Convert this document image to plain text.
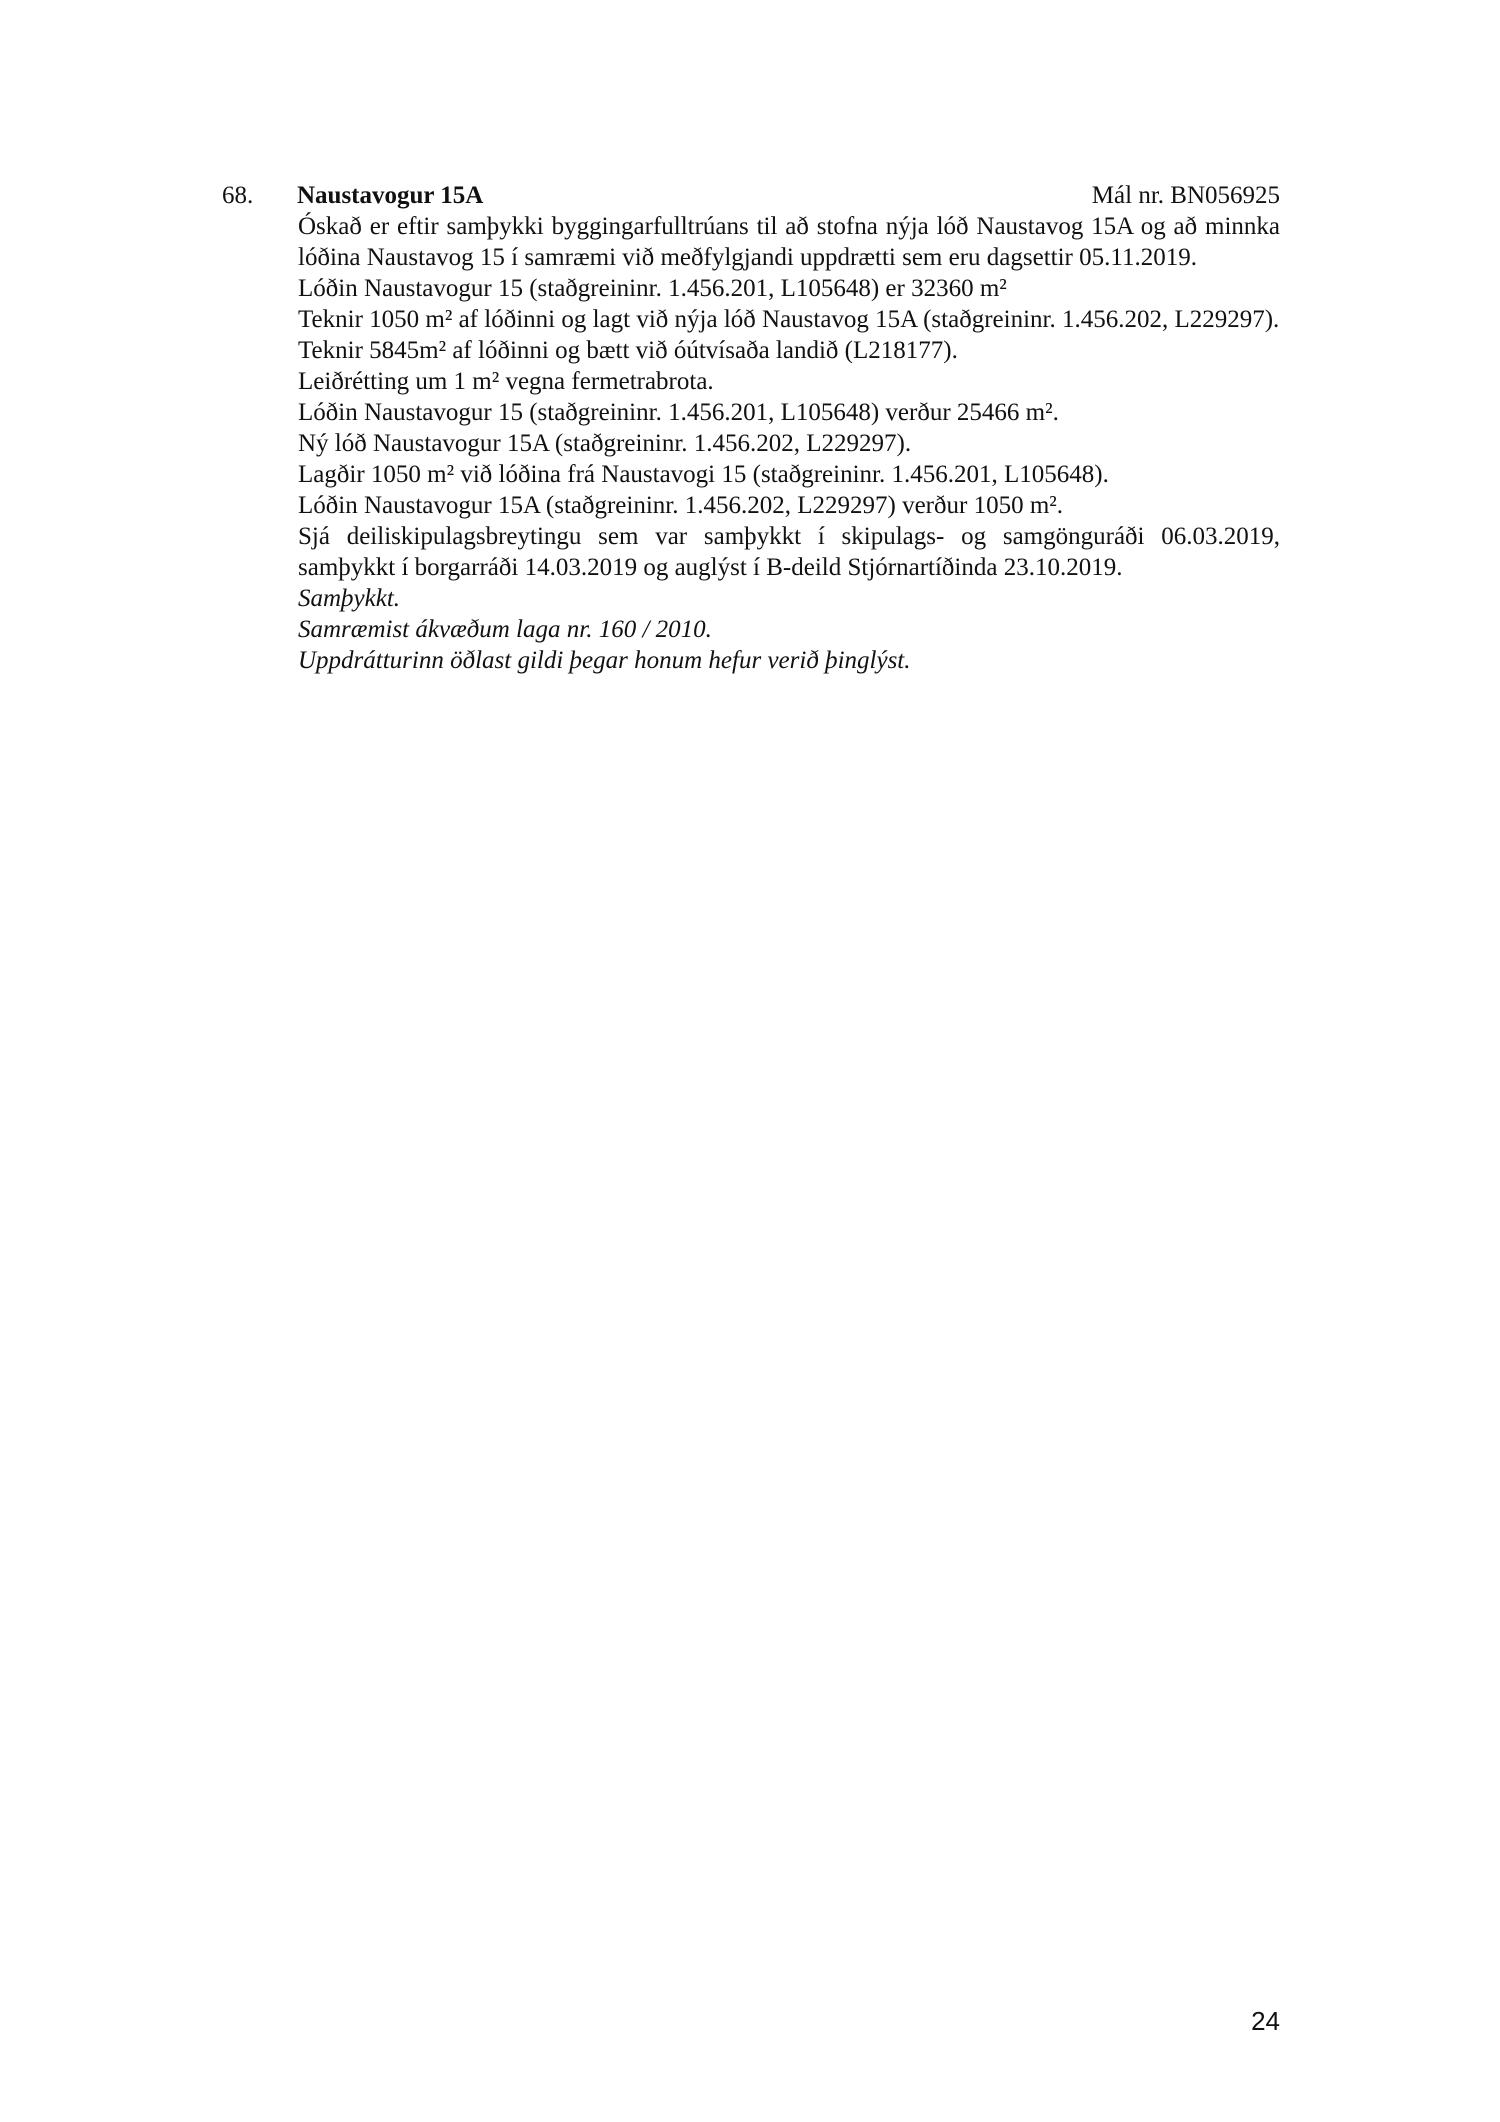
68. Naustavogur 15A	Mál nr. BN056925

Óskað er eftir samþykki byggingarfulltrúans til að stofna nýja lóð Naustavog 15A og að minnka lóðina Naustavog 15 í samræmi við meðfylgjandi uppdrætti sem eru dagsettir 05.11.2019.

Lóðin Naustavogur 15 (staðgreininr. 1.456.201, L105648) er 32360 m²

Teknir 1050 m² af lóðinni og lagt við nýja lóð Naustavog 15A (staðgreininr. 1.456.202, L229297).

Teknir 5845m² af lóðinni og bætt við óútvísaða landið (L218177).

Leiðrétting um 1 m² vegna fermetrabrota.

Lóðin Naustavogur 15 (staðgreininr. 1.456.201, L105648) verður 25466 m².

Ný lóð Naustavogur 15A (staðgreininr. 1.456.202, L229297).

Lagðir 1050 m² við lóðina frá Naustavogi 15 (staðgreininr. 1.456.201, L105648).

Lóðin Naustavogur 15A (staðgreininr. 1.456.202, L229297) verður 1050 m².

Sjá deiliskipulagsbreytingu sem var samþykkt í skipulags- og samgönguráði 06.03.2019, samþykkt í borgarráði 14.03.2019 og auglýst í B-deild Stjórnartíðinda 23.10.2019.

Samþykkt.

Samræmist ákvæðum laga nr. 160 / 2010.

Uppdrátturinn öðlast gildi þegar honum hefur verið þinglýst.

24
